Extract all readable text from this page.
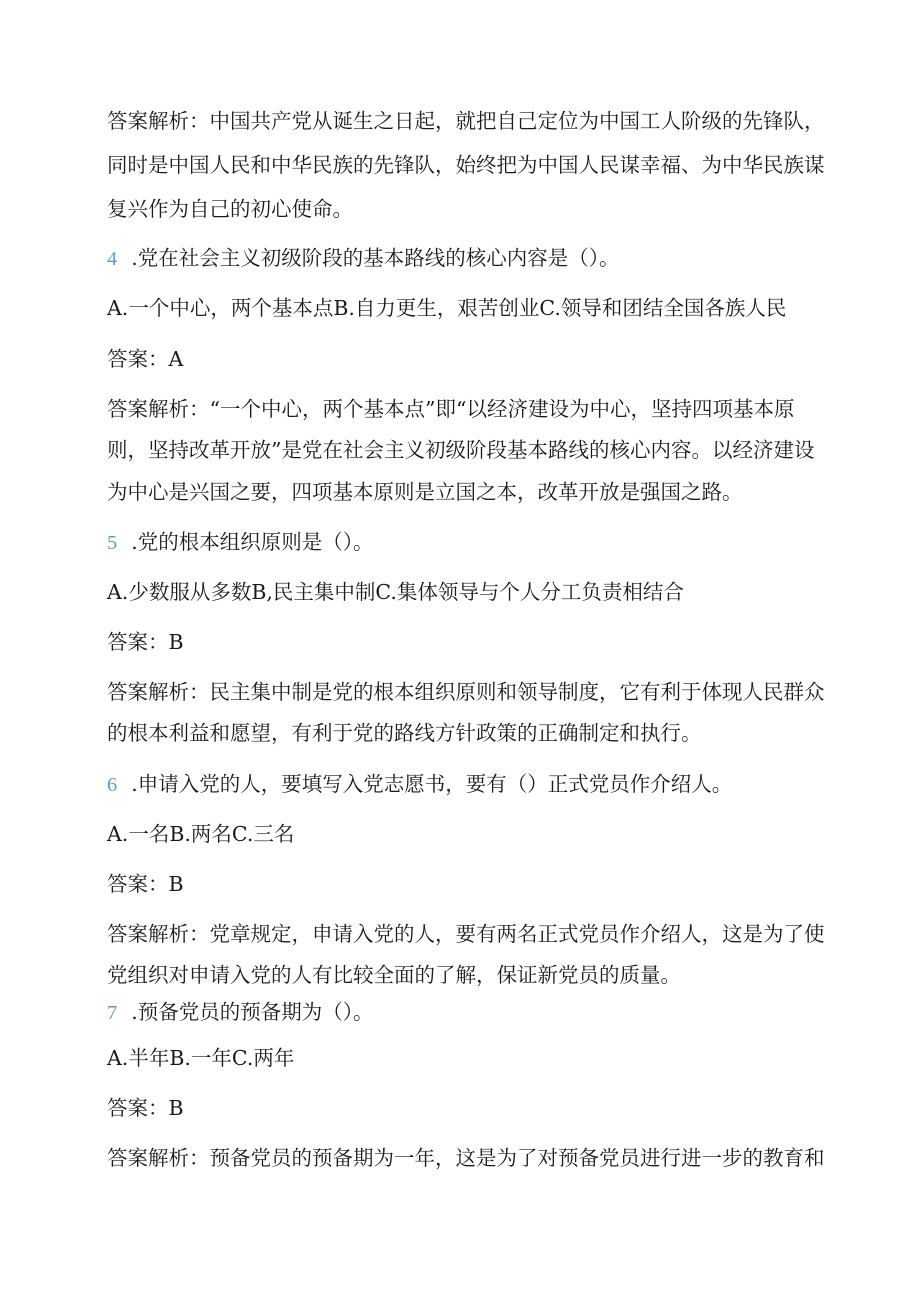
答案解析：中国共产党从诞生之日起，就把自己定位为中国工人阶级的先锋队，
同时是中国人民和中华民族的先锋队，始终把为中国人民谋幸福、为中华民族谋
复兴作为自己的初心使命。
4 .党在社会主义初级阶段的基本路线的核心内容是（）。
A.一个中心，两个基本点B.自力更生，艰苦创业C.领导和团结全国各族人民
答案：A
答案解析：“一个中心，两个基本点”即“以经济建设为中心，坚持四项基本原
则，坚持改革开放”是党在社会主义初级阶段基本路线的核心内容。以经济建设
为中心是兴国之要，四项基本原则是立国之本，改革开放是强国之路。
5 .党的根本组织原则是（）。
A.少数服从多数B,民主集中制C.集体领导与个人分工负责相结合
答案：B
答案解析：民主集中制是党的根本组织原则和领导制度，它有利于体现人民群众
的根本利益和愿望，有利于党的路线方针政策的正确制定和执行。
6 .申请入党的人，要填写入党志愿书，要有（）正式党员作介绍人。
A.一名B.两名C.三名
答案：B
答案解析：党章规定，申请入党的人，要有两名正式党员作介绍人，这是为了使
党组织对申请入党的人有比较全面的了解，保证新党员的质量。
7 .预备党员的预备期为（）。
A.半年B.一年C.两年
答案：B
答案解析：预备党员的预备期为一年，这是为了对预备党员进行进一步的教育和
